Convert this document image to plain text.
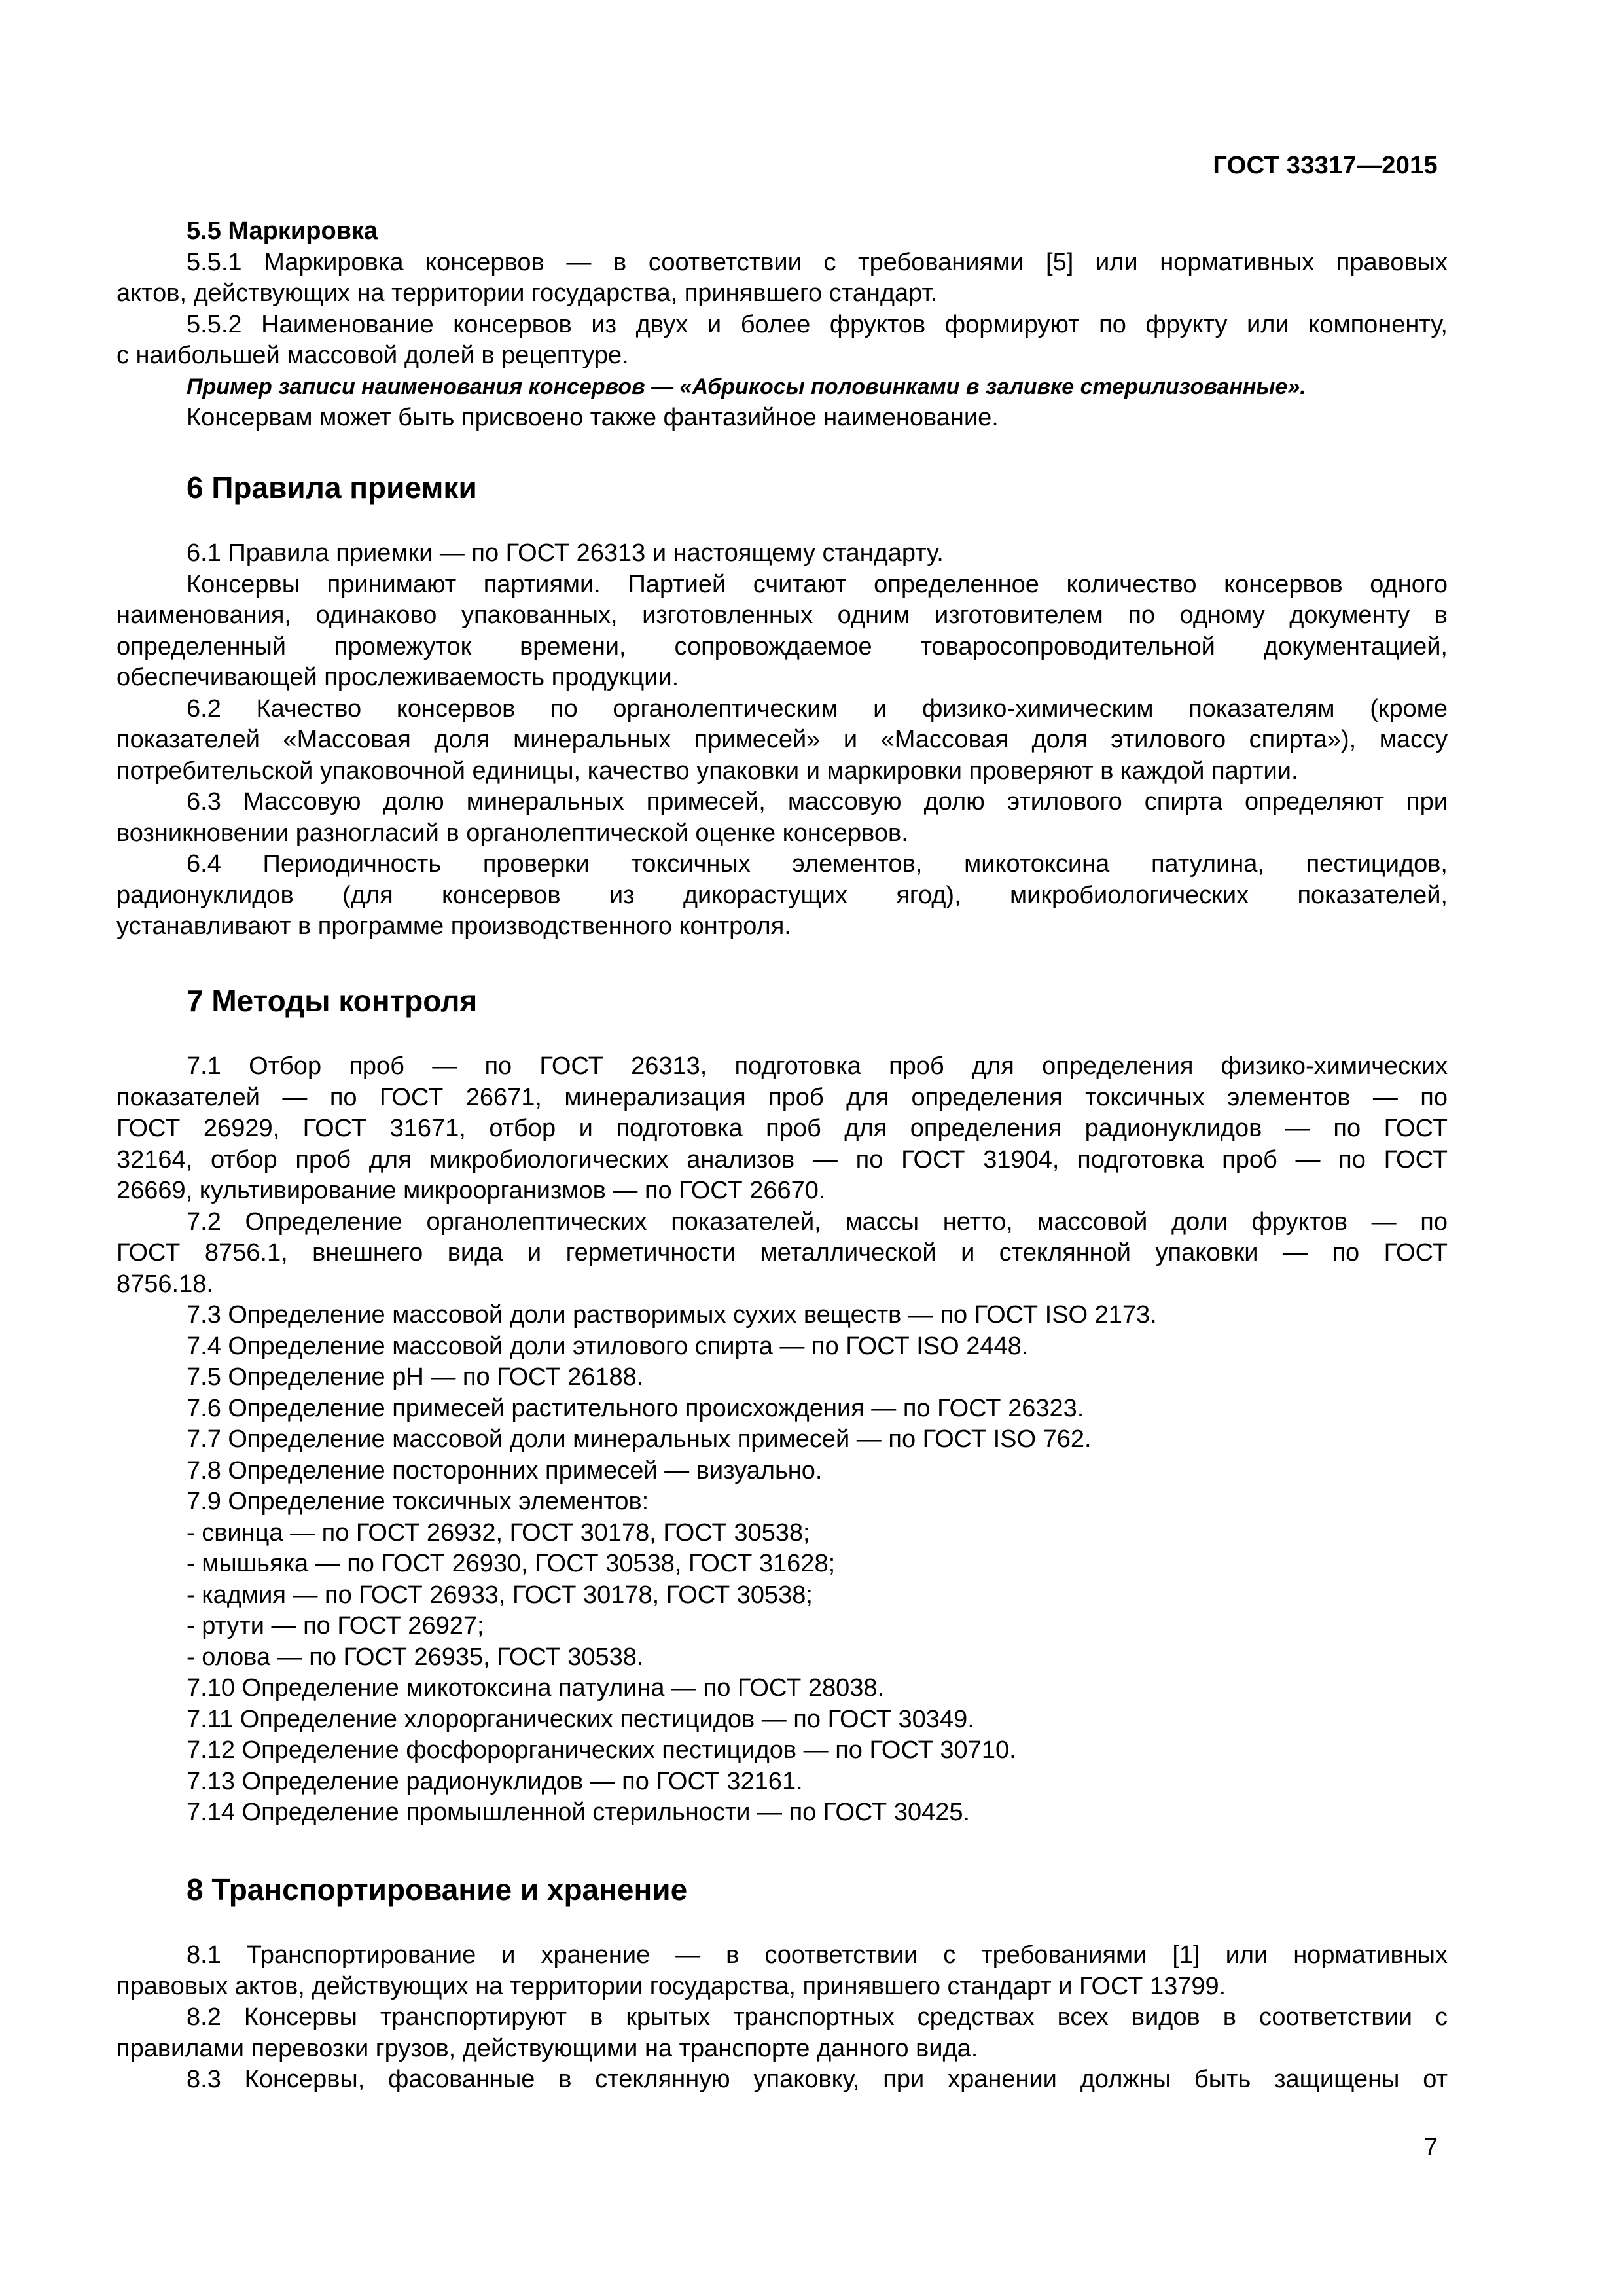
ГОСТ 33317—2015

5.5 Маркировка

5.5.1 Маркировка консервов — в соответствии с требованиями [5] или нормативных правовых

актов, действующих на территории государства, принявшего стандарт.

5.5.2 Наименование консервов из двух и более фруктов формируют по фрукту или компоненту,

с наибольшей массовой долей в рецептуре.

Пример записи наименования консервов — «Абрикосы половинками в заливке стерилизованные».

Консервам может быть присвоено также фантазийное наименование.

6 Правила приемки

6.1 Правила приемки — по ГОСТ 26313 и настоящему стандарту.

Консервы принимают партиями. Партией считают определенное количество консервов одного

наименования, одинаково упакованных, изготовленных одним изготовителем по одному документу в

определенный промежуток времени, сопровождаемое товаросопроводительной документацией,

обеспечивающей прослеживаемость продукции.

6.2 Качество консервов по органолептическим и физико-химическим показателям (кроме

показателей «Массовая доля минеральных примесей» и «Массовая доля этилового спирта»), массу

потребительской упаковочной единицы, качество упаковки и маркировки проверяют в каждой партии.

6.3 Массовую долю минеральных примесей, массовую долю этилового спирта определяют при

возникновении разногласий в органолептической оценке консервов.

6.4 Периодичность проверки токсичных элементов, микотоксина патулина, пестицидов,

радионуклидов (для консервов из дикорастущих ягод), микробиологических показателей,

устанавливают в программе производственного контроля.

7 Методы контроля

7.1 Отбор проб — по ГОСТ 26313, подготовка проб для определения физико-химических

показателей — по ГОСТ 26671, минерализация проб для определения токсичных элементов — по

ГОСТ 26929, ГОСТ 31671, отбор и подготовка проб для определения радионуклидов — по ГОСТ

32164, отбор проб для микробиологических анализов — по ГОСТ 31904, подготовка проб — по ГОСТ

26669, культивирование микроорганизмов — по ГОСТ 26670.

7.2 Определение органолептических показателей, массы нетто, массовой доли фруктов — по

ГОСТ 8756.1, внешнего вида и герметичности металлической и стеклянной упаковки — по ГОСТ

8756.18.

7.3 Определение массовой доли растворимых сухих веществ — по ГОСТ ISO 2173.

7.4 Определение массовой доли этилового спирта — по ГОСТ ISO 2448.

7.5 Определение рН — по ГОСТ 26188.

7.6 Определение примесей растительного происхождения — по ГОСТ 26323.

7.7 Определение массовой доли минеральных примесей — по ГОСТ ISO 762.

7.8 Определение посторонних примесей — визуально.

7.9 Определение токсичных элементов:

- свинца — по ГОСТ 26932, ГОСТ 30178, ГОСТ 30538;

- мышьяка — по ГОСТ 26930, ГОСТ 30538, ГОСТ 31628;

- кадмия — по ГОСТ 26933, ГОСТ 30178, ГОСТ 30538;

- ртути — по ГОСТ 26927;

- олова — по ГОСТ 26935, ГОСТ 30538.

7.10 Определение микотоксина патулина — по ГОСТ 28038.

7.11 Определение хлорорганических пестицидов — по ГОСТ 30349.

7.12 Определение фосфорорганических пестицидов — по ГОСТ 30710.

7.13 Определение радионуклидов — по ГОСТ 32161.

7.14 Определение промышленной стерильности — по ГОСТ 30425.

8 Транспортирование и хранение

8.1 Транспортирование и хранение — в соответствии с требованиями [1] или нормативных

правовых актов, действующих на территории государства, принявшего стандарт и ГОСТ 13799.

8.2 Консервы транспортируют в крытых транспортных средствах всех видов в соответствии с

правилами перевозки грузов, действующими на транспорте данного вида.

8.3 Консервы, фасованные в стеклянную упаковку, при хранении должны быть защищены от

7
